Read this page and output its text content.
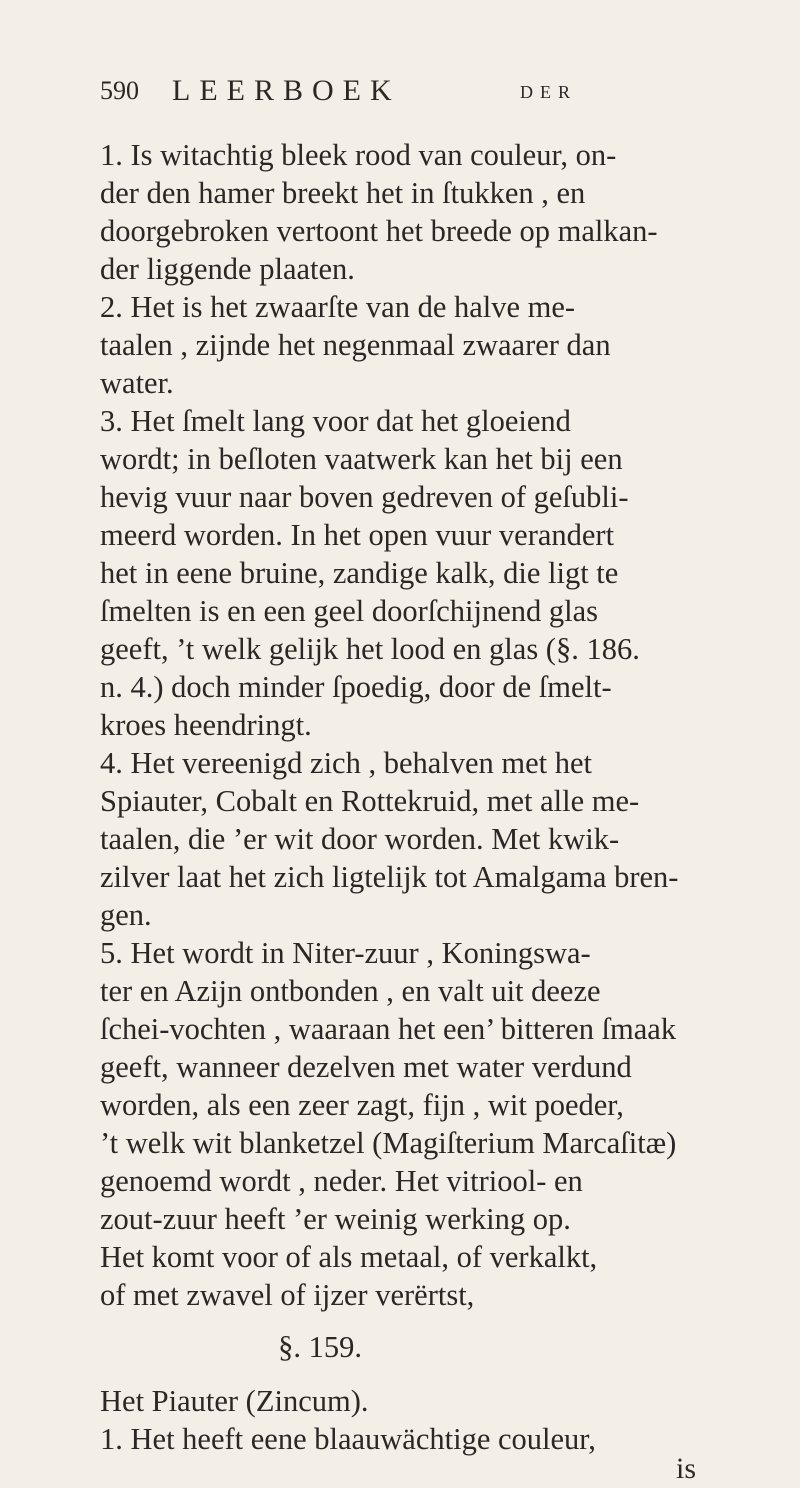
590 LEERBOEK	DER
1. Is witachtig bleek rood van couleur, on-
der den hamer breekt het in ſtukken , en
doorgebroken vertoont het breede op malkan-
der liggende plaaten.
2. Het is het zwaarſte van de halve me-
taalen , zijnde het negenmaal zwaarer dan
water.
3. Het ſmelt lang voor dat het gloeiend
wordt; in beſloten vaatwerk kan het bij een
hevig vuur naar boven gedreven of geſubli-
meerd worden. In het open vuur verandert
het in eene bruine, zandige kalk, die ligt te
ſmelten is en een geel doorſchijnend glas
geeft, ’t welk gelijk het lood en glas (§. 186.
n. 4.) doch minder ſpoedig, door de ſmelt-
kroes heendringt.
4. Het vereenigd zich , behalven met het
Spiauter, Cobalt en Rottekruid, met alle me-
taalen, die ’er wit door worden. Met kwik-
zilver laat het zich ligtelijk tot Amalgama bren-
gen.
5. Het wordt in Niter-zuur , Koningswa-
ter en Azijn ontbonden , en valt uit deeze
ſchei-vochten , waaraan het een’ bitteren ſmaak
geeft, wanneer dezelven met water verdund
worden, als een zeer zagt, fijn , wit poeder,
’t welk wit blanketzel (Magiſterium Marcaſitæ)
genoemd wordt , neder. Het vitriool- en
zout-zuur heeft ’er weinig werking op.
Het komt voor of als metaal, of verkalkt,
of met zwavel of ijzer verërtst,
§. 159.
Het Piauter (Zincum).
1. Het heeft eene blaauwächtige couleur,
is
